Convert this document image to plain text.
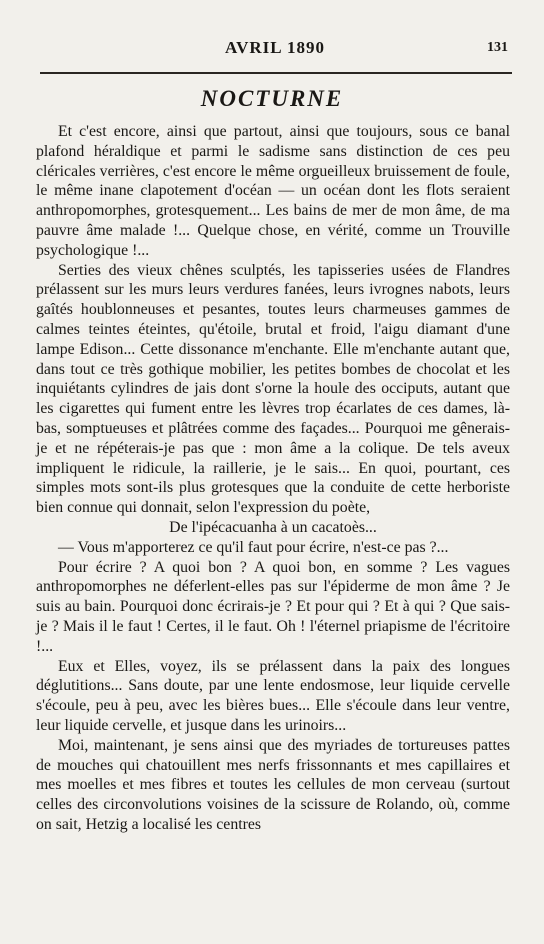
AVRIL 1890	131
NOCTURNE

Et c'est encore, ainsi que partout, ainsi que toujours, sous ce banal plafond héraldique et parmi le sadisme sans distinction de ces peu cléricales verrières, c'est encore le même orgueilleux bruissement de foule, le même inane clapotement d'océan — un océan dont les flots seraient anthropomorphes, grotesquement... Les bains de mer de mon âme, de ma pauvre âme malade !... Quelque chose, en vérité, comme un Trouville psychologique !...

Serties des vieux chênes sculptés, les tapisseries usées de Flandres prélassent sur les murs leurs verdures fanées, leurs ivrognes nabots, leurs gaîtés houblonneuses et pesantes, toutes leurs charmeuses gammes de calmes teintes éteintes, qu'étoile, brutal et froid, l'aigu diamant d'une lampe Edison... Cette dissonance m'enchante. Elle m'enchante autant que, dans tout ce très gothique mobilier, les petites bombes de chocolat et les inquiétants cylindres de jais dont s'orne la houle des occiputs, autant que les cigarettes qui fument entre les lèvres trop écarlates de ces dames, là-bas, somptueuses et plâtrées comme des façades... Pourquoi me gênerais-je et ne répéterais-je pas que : mon âme a la colique. De tels aveux impliquent le ridicule, la raillerie, je le sais... En quoi, pourtant, ces simples mots sont-ils plus grotesques que la conduite de cette herboriste bien connue qui donnait, selon l'expression du poète,

De l'ipécacuanha à un cacatoès...

— Vous m'apporterez ce qu'il faut pour écrire, n'est-ce pas ?...

Pour écrire ? A quoi bon ? A quoi bon, en somme ? Les vagues anthropomorphes ne déferlent-elles pas sur l'épiderme de mon âme ? Je suis au bain. Pourquoi donc écrirais-je ? Et pour qui ? Et à qui ? Que sais-je ? Mais il le faut ! Certes, il le faut. Oh ! l'éternel priapisme de l'écritoire !...

Eux et Elles, voyez, ils se prélassent dans la paix des longues déglutitions... Sans doute, par une lente endosmose, leur liquide cervelle s'écoule, peu à peu, avec les bières bues... Elle s'écoule dans leur ventre, leur liquide cervelle, et jusque dans les urinoirs...

Moi, maintenant, je sens ainsi que des myriades de tortureuses pattes de mouches qui chatouillent mes nerfs frissonnants et mes capillaires et mes moelles et mes fibres et toutes les cellules de mon cerveau (surtout celles des circonvolutions voisines de la scissure de Rolando, où, comme on sait, Hetzig a localisé les centres
